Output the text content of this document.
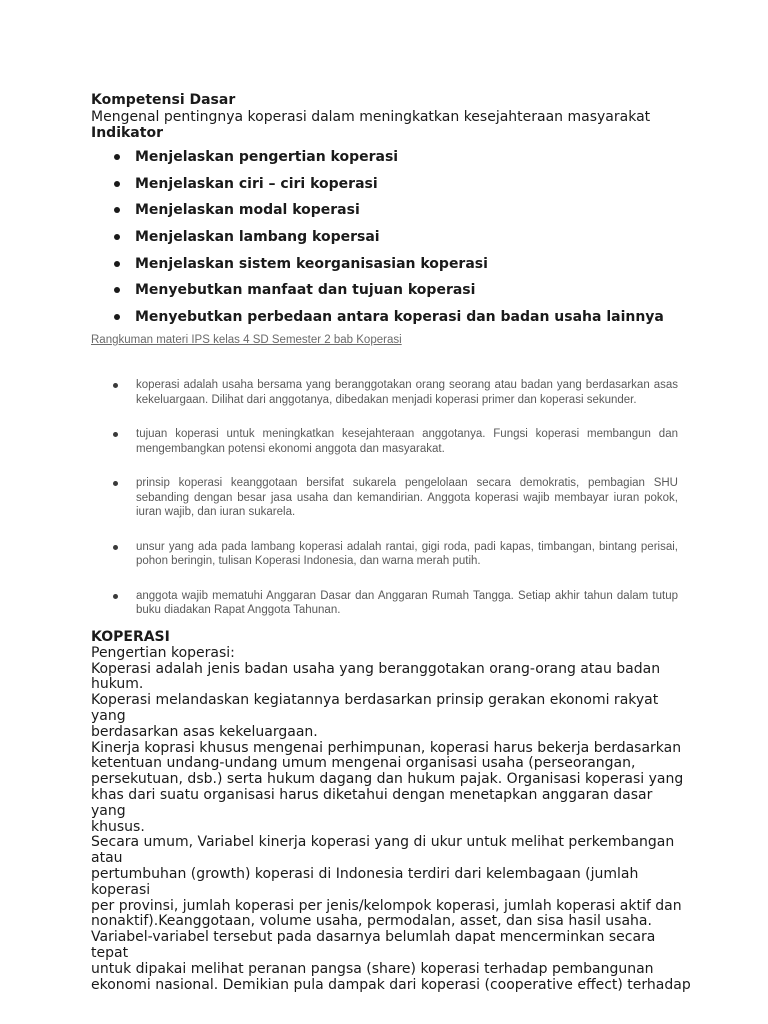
Kompetensi Dasar
Mengenal pentingnya koperasi dalam meningkatkan kesejahteraan masyarakat
Indikator
Menjelaskan pengertian koperasi
Menjelaskan ciri – ciri koperasi
Menjelaskan modal koperasi
Menjelaskan lambang kopersai
Menjelaskan sistem keorganisasian koperasi
Menyebutkan manfaat dan tujuan koperasi
Menyebutkan perbedaan antara koperasi dan badan usaha lainnya
Rangkuman materi IPS kelas 4 SD Semester 2 bab Koperasi
koperasi adalah usaha bersama yang beranggotakan orang seorang atau badan yang berdasarkan asas kekeluargaan. Dilihat dari anggotanya, dibedakan menjadi koperasi primer dan koperasi sekunder.
tujuan koperasi untuk meningkatkan kesejahteraan anggotanya. Fungsi koperasi membangun dan mengembangkan potensi ekonomi anggota dan masyarakat.
prinsip koperasi keanggotaan bersifat sukarela pengelolaan secara demokratis, pembagian SHU sebanding dengan besar jasa usaha dan kemandirian. Anggota koperasi wajib membayar iuran pokok, iuran wajib, dan iuran sukarela.
unsur yang ada pada lambang koperasi adalah rantai, gigi roda, padi kapas, timbangan, bintang perisai, pohon beringin, tulisan Koperasi Indonesia, dan warna merah putih.
anggota wajib mematuhi Anggaran Dasar dan Anggaran Rumah Tangga. Setiap akhir tahun dalam tutup buku diadakan Rapat Anggota Tahunan.
KOPERASI
Pengertian koperasi:
Koperasi adalah jenis badan usaha yang beranggotakan orang-orang atau badan
hukum.
Koperasi melandaskan kegiatannya berdasarkan prinsip gerakan ekonomi rakyat yang
berdasarkan asas kekeluargaan.
Kinerja koprasi khusus mengenai perhimpunan, koperasi harus bekerja berdasarkan
ketentuan undang-undang umum mengenai organisasi usaha (perseorangan,
persekutuan, dsb.) serta hukum dagang dan hukum pajak. Organisasi koperasi yang
khas dari suatu organisasi harus diketahui dengan menetapkan anggaran dasar yang
khusus.
Secara umum, Variabel kinerja koperasi yang di ukur untuk melihat perkembangan atau
pertumbuhan (growth) koperasi di Indonesia terdiri dari kelembagaan (jumlah koperasi
per provinsi, jumlah koperasi per jenis/kelompok koperasi, jumlah koperasi aktif dan
nonaktif).Keanggotaan, volume usaha, permodalan, asset, dan sisa hasil usaha.
Variabel-variabel tersebut pada dasarnya belumlah dapat mencerminkan secara tepat
untuk dipakai melihat peranan pangsa (share) koperasi terhadap pembangunan
ekonomi nasional. Demikian pula dampak dari koperasi (cooperative effect) terhadap
